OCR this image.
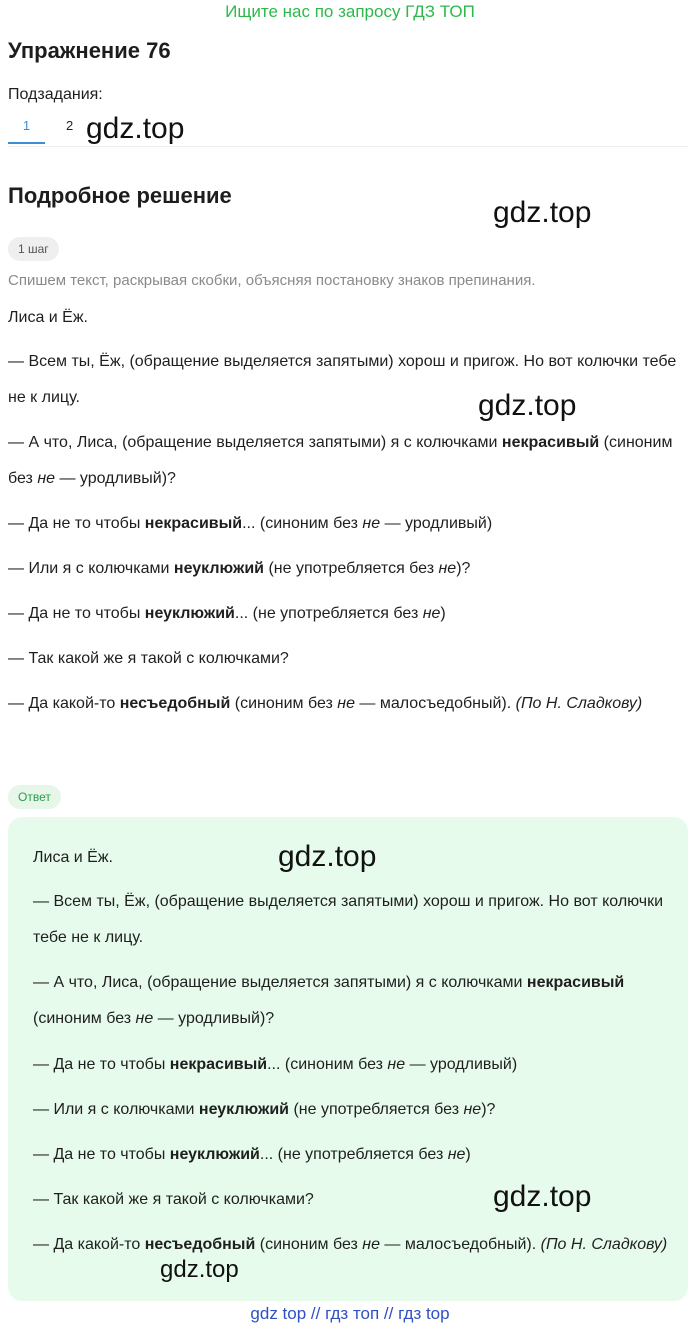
Ищите нас по запросу ГДЗ ТОП
Упражнение 76
Подзадания:
1	2
Подробное решение
1 шаг
Спишем текст, раскрывая скобки, объясняя постановку знаков препинания.

Лиса и Ёж.

— Всем ты, Ёж, (обращение выделяется запятыми) хорош и пригож. Но вот колючки тебе не к лицу.

— А что, Лиса, (обращение выделяется запятыми) я с колючками некрасивый (синоним без не — уродливый)?

— Да не то чтобы некрасивый... (синоним без не — уродливый)

— Или я с колючками неуклюжий (не употребляется без не)?

— Да не то чтобы неуклюжий... (не употребляется без не)

— Так какой же я такой с колючками?

— Да какой-то несъедобный (синоним без не — малосъедобный). (По Н. Сладкову)

Ответ

Лиса и Ёж.

— Всем ты, Ёж, (обращение выделяется запятыми) хорош и пригож. Но вот колючки тебе не к лицу.

— А что, Лиса, (обращение выделяется запятыми) я с колючками некрасивый (синоним без не — уродливый)?

— Да не то чтобы некрасивый... (синоним без не — уродливый)

— Или я с колючками неуклюжий (не употребляется без не)?

— Да не то чтобы неуклюжий... (не употребляется без не)

— Так какой же я такой с колючками?

— Да какой-то несъедобный (синоним без не — малосъедобный). (По Н. Сладкову)

gdz.top
gdz.top
gdz.top
gdz.top
gdz.top
gdz.top
gdz top // гдз топ // гдз top
